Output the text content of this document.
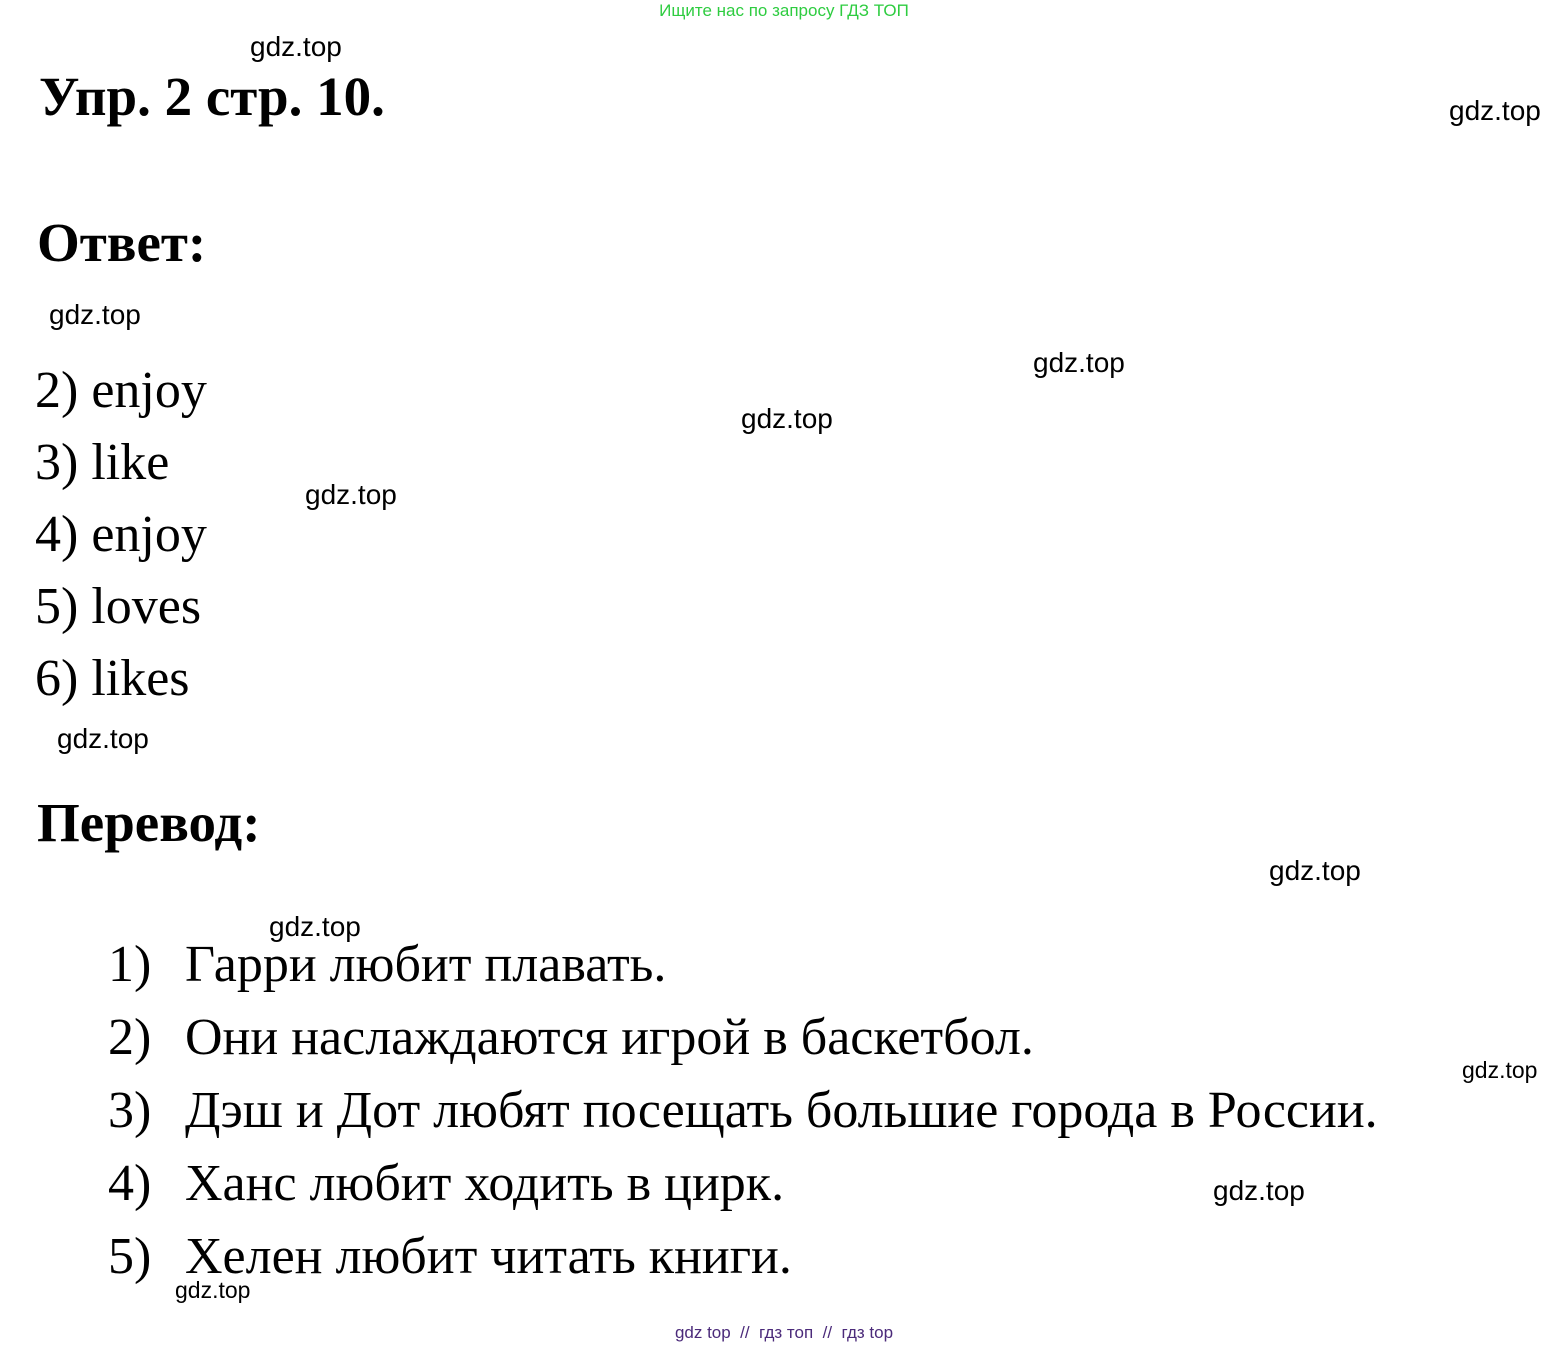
Ищите нас по запросу ГДЗ ТОП
Упр. 2 стр. 10.
Ответ:
2) enjoy
3) like
4) enjoy
5) loves
6) likes
Перевод:
1) Гарри любит плавать.
2) Они наслаждаются игрой в баскетбол.
3) Дэш и Дот любят посещать большие города в России.
4) Ханс любит ходить в цирк.
5) Хелен любит читать книги.
gdz.top
gdz.top
gdz.top
gdz.top
gdz.top
gdz.top
gdz.top
gdz.top
gdz.top
gdz.top
gdz.top
gdz.top
gdz top  //  гдз топ  //  гдз top
